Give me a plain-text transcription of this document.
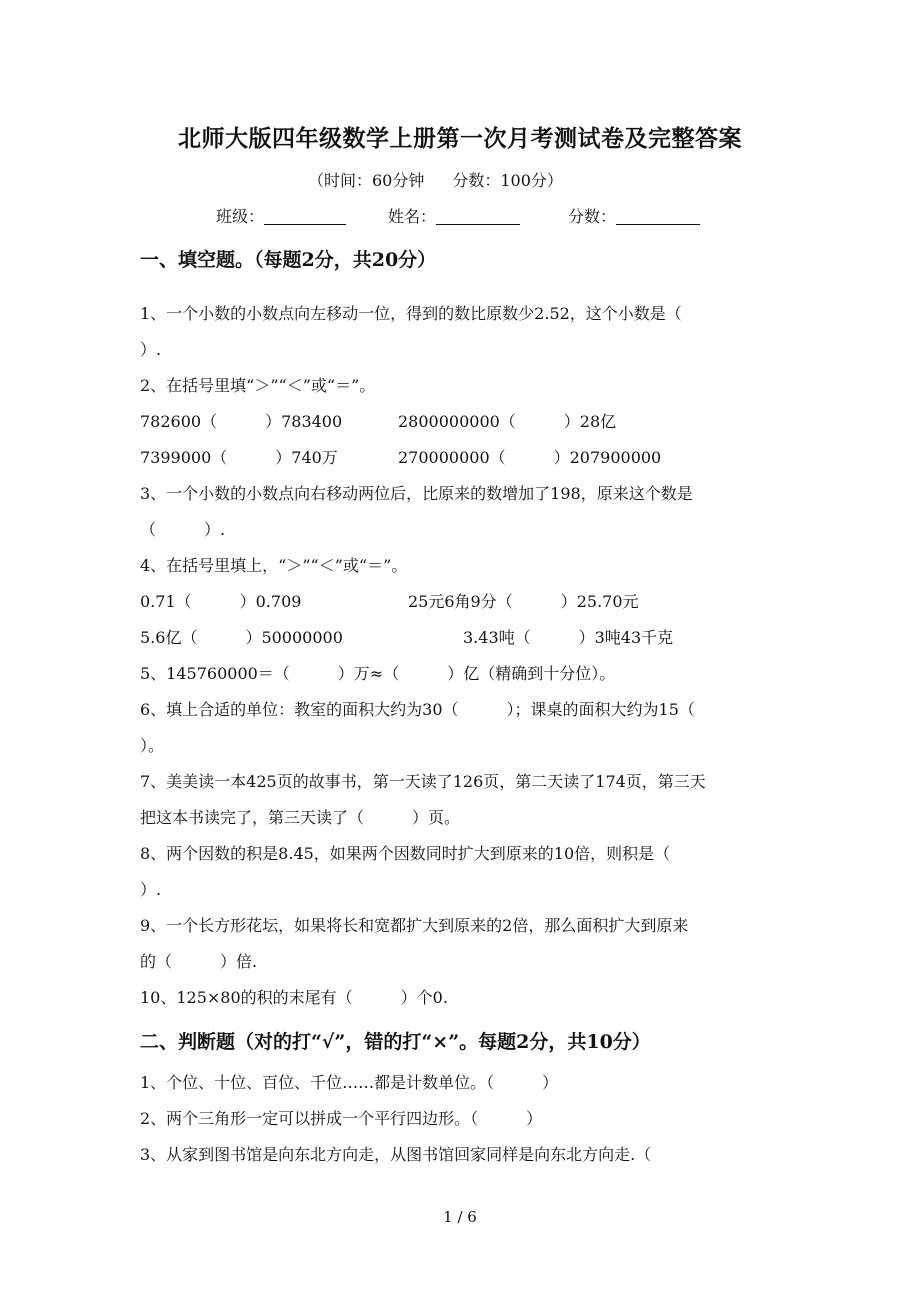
北师大版四年级数学上册第一次月考测试卷及完整答案
（时间：60分钟 分数：100分）
班级：	姓名：	分数：
一、填空题。（每题2分，共20分）
1、一个小数的小数点向左移动一位，得到的数比原数少2.52，这个小数是（
）.
2、在括号里填“＞”“＜”或“＝”。
782600（　　　）783400	2800000000（　　　）28亿
7399000（　　　）740万	270000000（　　　）207900000
3、一个小数的小数点向右移动两位后，比原来的数增加了198，原来这个数是
（　　　）.
4、在括号里填上，“＞”“＜”或“＝”。
0.71（　　　）0.709	25元6角9分（　　　）25.70元
5.6亿（　　　）50000000	3.43吨（　　　）3吨43千克
5、145760000＝（　　　）万≈（　　　）亿（精确到十分位）。
6、填上合适的单位：教室的面积大约为30（　　　）；课桌的面积大约为15（
）。
7、美美读一本425页的故事书，第一天读了126页，第二天读了174页，第三天
把这本书读完了，第三天读了（　　　）页。
8、两个因数的积是8.45，如果两个因数同时扩大到原来的10倍，则积是（
）.
9、一个长方形花坛，如果将长和宽都扩大到原来的2倍，那么面积扩大到原来
的（　　　）倍.
10、125×80的积的末尾有（　　　）个0.
二、判断题（对的打“√”，错的打“×”。每题2分，共10分）
1、个位、十位、百位、千位……都是计数单位。（　　　）
2、两个三角形一定可以拼成一个平行四边形。（　　　）
3、从家到图书馆是向东北方向走，从图书馆回家同样是向东北方向走.（
1 / 6
